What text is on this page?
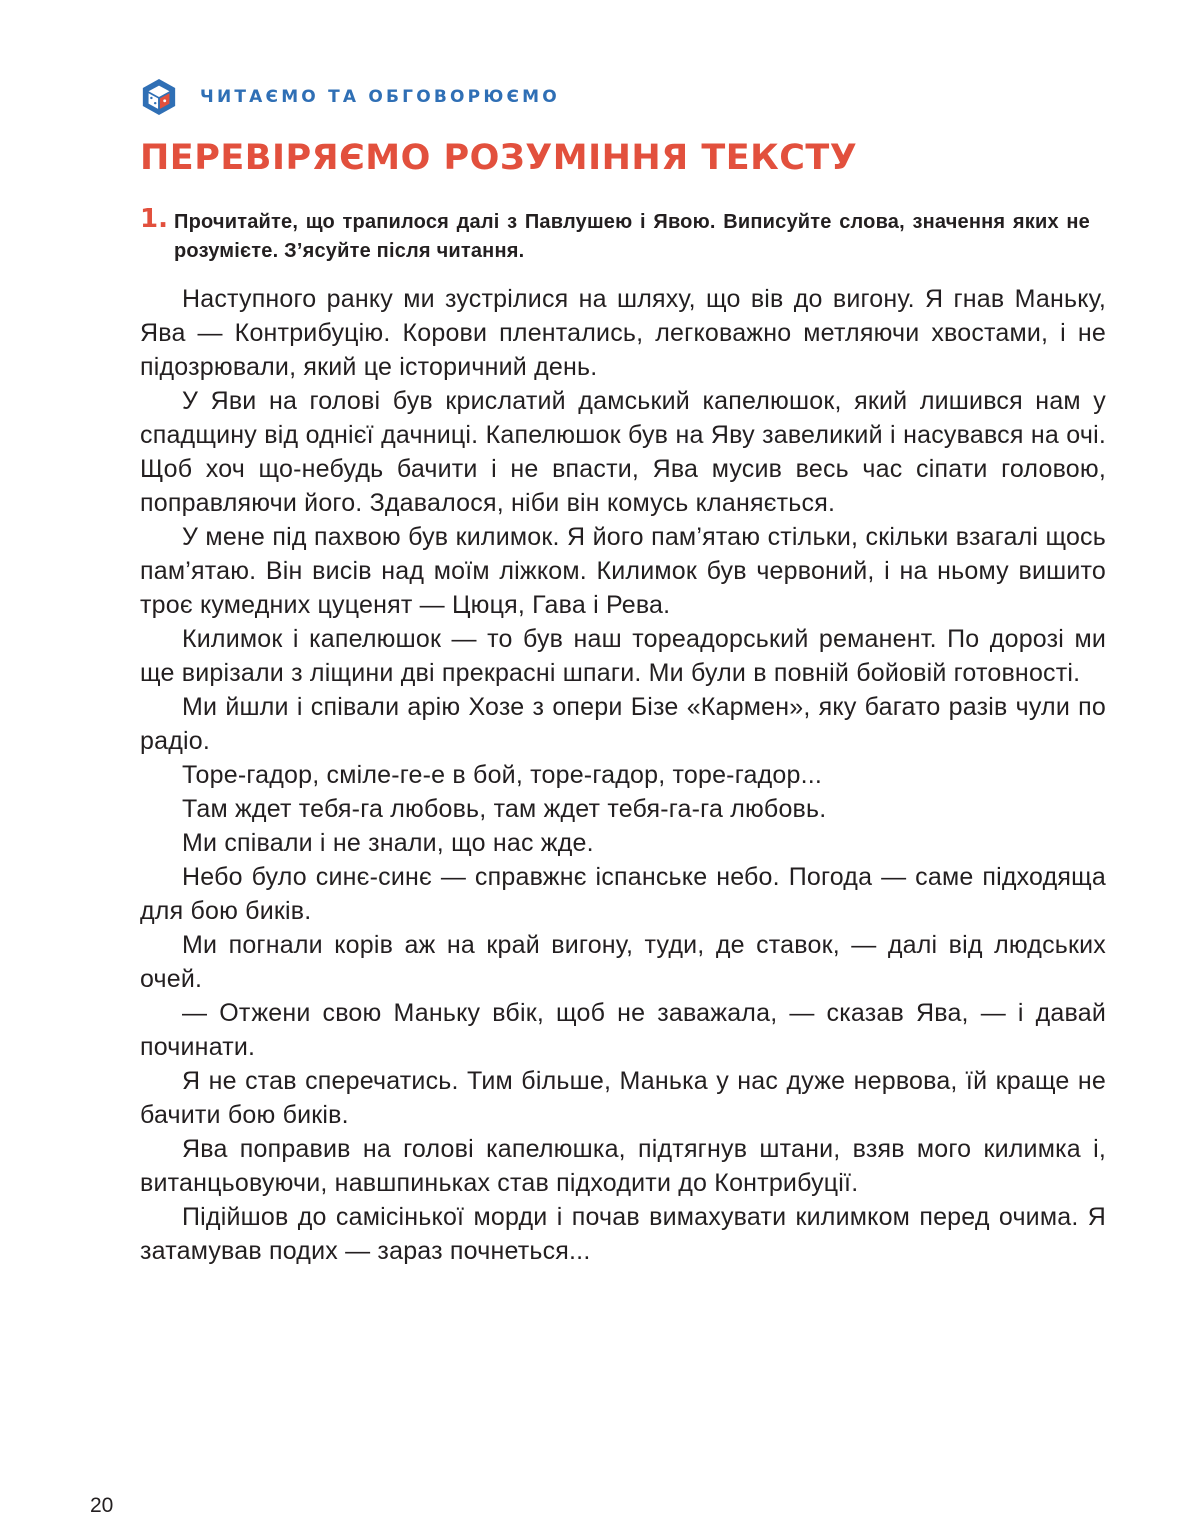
ЧИТАЄМО ТА ОБГОВОРЮЄМО
ПЕРЕВІРЯЄМО РОЗУМІННЯ ТЕКСТУ
1. Прочитайте, що трапилося далі з Павлушею і Явою. Виписуйте слова, значення яких не розумієте. З’ясуйте після читання.

Наступного ранку ми зустрілися на шляху, що вів до вигону. Я гнав Маньку, Ява — Контрибуцію. Корови плентались, легковажно метляючи хвостами, і не підозрювали, який це історичний день.

У Яви на голові був крислатий дамський капелюшок, який лишився нам у спадщину від однієї дачниці. Капелюшок був на Яву завеликий і насувався на очі. Щоб хоч що-небудь бачити і не впасти, Ява мусив весь час сіпати головою, поправляючи його. Здавалося, ніби він комусь кланяється.

У мене під пахвою був килимок. Я його пам’ятаю стільки, скільки взагалі щось пам’ятаю. Він висів над моїм ліжком. Килимок був червоний, і на ньому вишито троє кумедних цуценят — Цюця, Гава і Рева.

Килимок і капелюшок — то був наш тореадорський реманент. По дорозі ми ще вирізали з ліщини дві прекрасні шпаги. Ми були в повній бойовій готовності.

Ми йшли і співали арію Хозе з опери Бізе «Кармен», яку багато разів чули по радіо.

Торе-гадор, сміле-ге-е в бой, торе-гадор, торе-гадор...

Там ждет тебя-га любовь, там ждет тебя-га-га любовь.

Ми співали і не знали, що нас жде.

Небо було синє-синє — справжнє іспанське небо. Погода — саме підходяща для бою биків.

Ми погнали корів аж на край вигону, туди, де ставок, — далі від людських очей.

— Отжени свою Маньку вбік, щоб не заважала, — сказав Ява, — і давай починати.

Я не став сперечатись. Тим більше, Манька у нас дуже нервова, їй краще не бачити бою биків.

Ява поправив на голові капелюшка, підтягнув штани, взяв мого килимка і, витанцьовуючи, навшпиньках став підходити до Контрибуції.

Підійшов до самісінької морди і почав вимахувати килимком перед очима. Я затамував подих — зараз почнеться...

20
